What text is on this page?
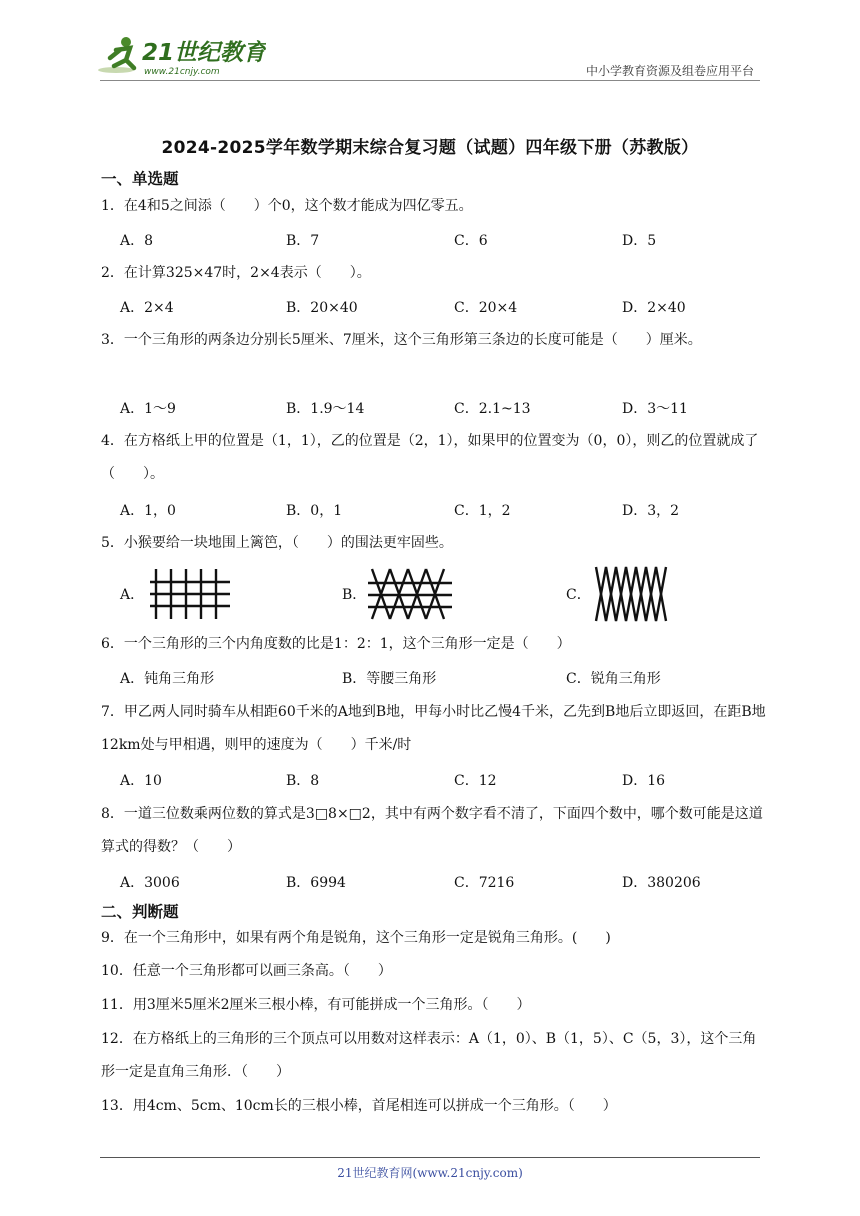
21世纪教育
www.21cnjy.com	中小学教育资源及组卷应用平台
2024-2025学年数学期末综合复习题（试题）四年级下册（苏教版）
一、单选题
1．在4和5之间添（　　）个0，这个数才能成为四亿零五。
A．8	B．7	C．6	D．5
2．在计算325×47时，2×4表示（　　）。
A．2×4	B．20×40	C．20×4	D．2×40
3．一个三角形的两条边分别长5厘米、7厘米，这个三角形第三条边的长度可能是（　　）厘米。
A．1～9	B．1.9～14	C．2.1~13	D．3～11
4．在方格纸上甲的位置是（1，1），乙的位置是（2，1），如果甲的位置变为（0，0），则乙的位置就成了（　　）。
A．1，0	B．0，1	C．1，2	D．3，2
5．小猴要给一块地围上篱笆，（　　）的围法更牢固些。
A．	B．	C．
6．一个三角形的三个内角度数的比是1：2：1，这个三角形一定是（　　）
A．钝角三角形	B．等腰三角形	C．锐角三角形
7．甲乙两人同时骑车从相距60千米的A地到B地，甲每小时比乙慢4千米，乙先到B地后立即返回，在距B地12km处与甲相遇，则甲的速度为（　　）千米/时
A．10	B．8	C．12	D．16
8．一道三位数乘两位数的算式是3□8×□2，其中有两个数字看不清了，下面四个数中，哪个数可能是这道算式的得数？（　　）
A．3006	B．6994	C．7216	D．380206
二、判断题
9．在一个三角形中，如果有两个角是锐角，这个三角形一定是锐角三角形。(　　)
10．任意一个三角形都可以画三条高。（　　）
11．用3厘米5厘米2厘米三根小棒，有可能拼成一个三角形。（　　）
12．在方格纸上的三角形的三个顶点可以用数对这样表示：A（1，0）、B（1，5）、C（5，3），这个三角形一定是直角三角形．（　　）
13．用4cm、5cm、10cm长的三根小棒，首尾相连可以拼成一个三角形。（　　）
21世纪教育网(www.21cnjy.com)
